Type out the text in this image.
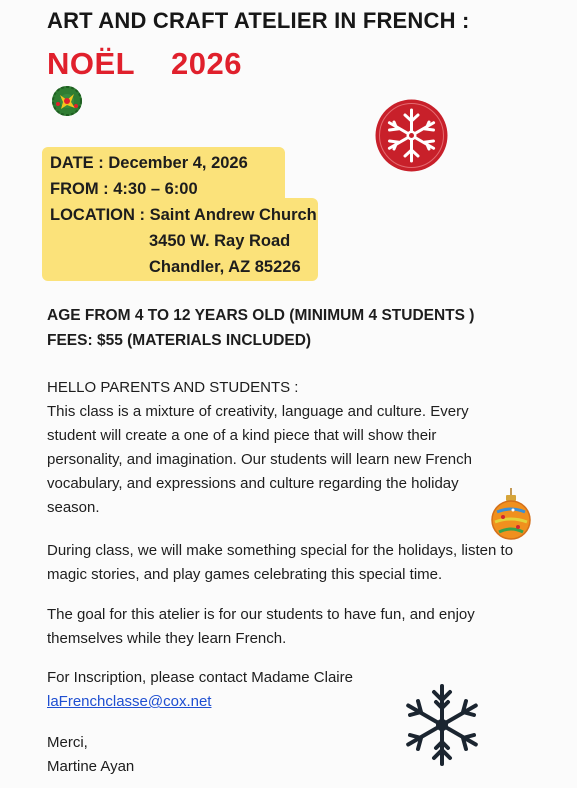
ART AND CRAFT ATELIER IN FRENCH :
NOËL    2026
DATE : December 4, 2026
FROM : 4:30 – 6:00
LOCATION : Saint Andrew Church
3450 W. Ray Road
Chandler, AZ 85226
AGE FROM 4 TO 12 YEARS OLD (MINIMUM 4 STUDENTS )
FEES: $55 (MATERIALS INCLUDED)
HELLO PARENTS AND STUDENTS :
This class is a mixture of creativity, language and culture. Every student will create a one of a kind piece that will show their personality, and imagination. Our students will learn new French vocabulary, and expressions and culture regarding the holiday season.
During class, we will make something special for the holidays, listen to magic stories, and play games celebrating this special time.
The goal for this atelier is for our students to have fun, and enjoy themselves while they learn French.
For Inscription, please contact Madame Claire
laFrenchclasse@cox.net
Merci,
Martine Ayan
